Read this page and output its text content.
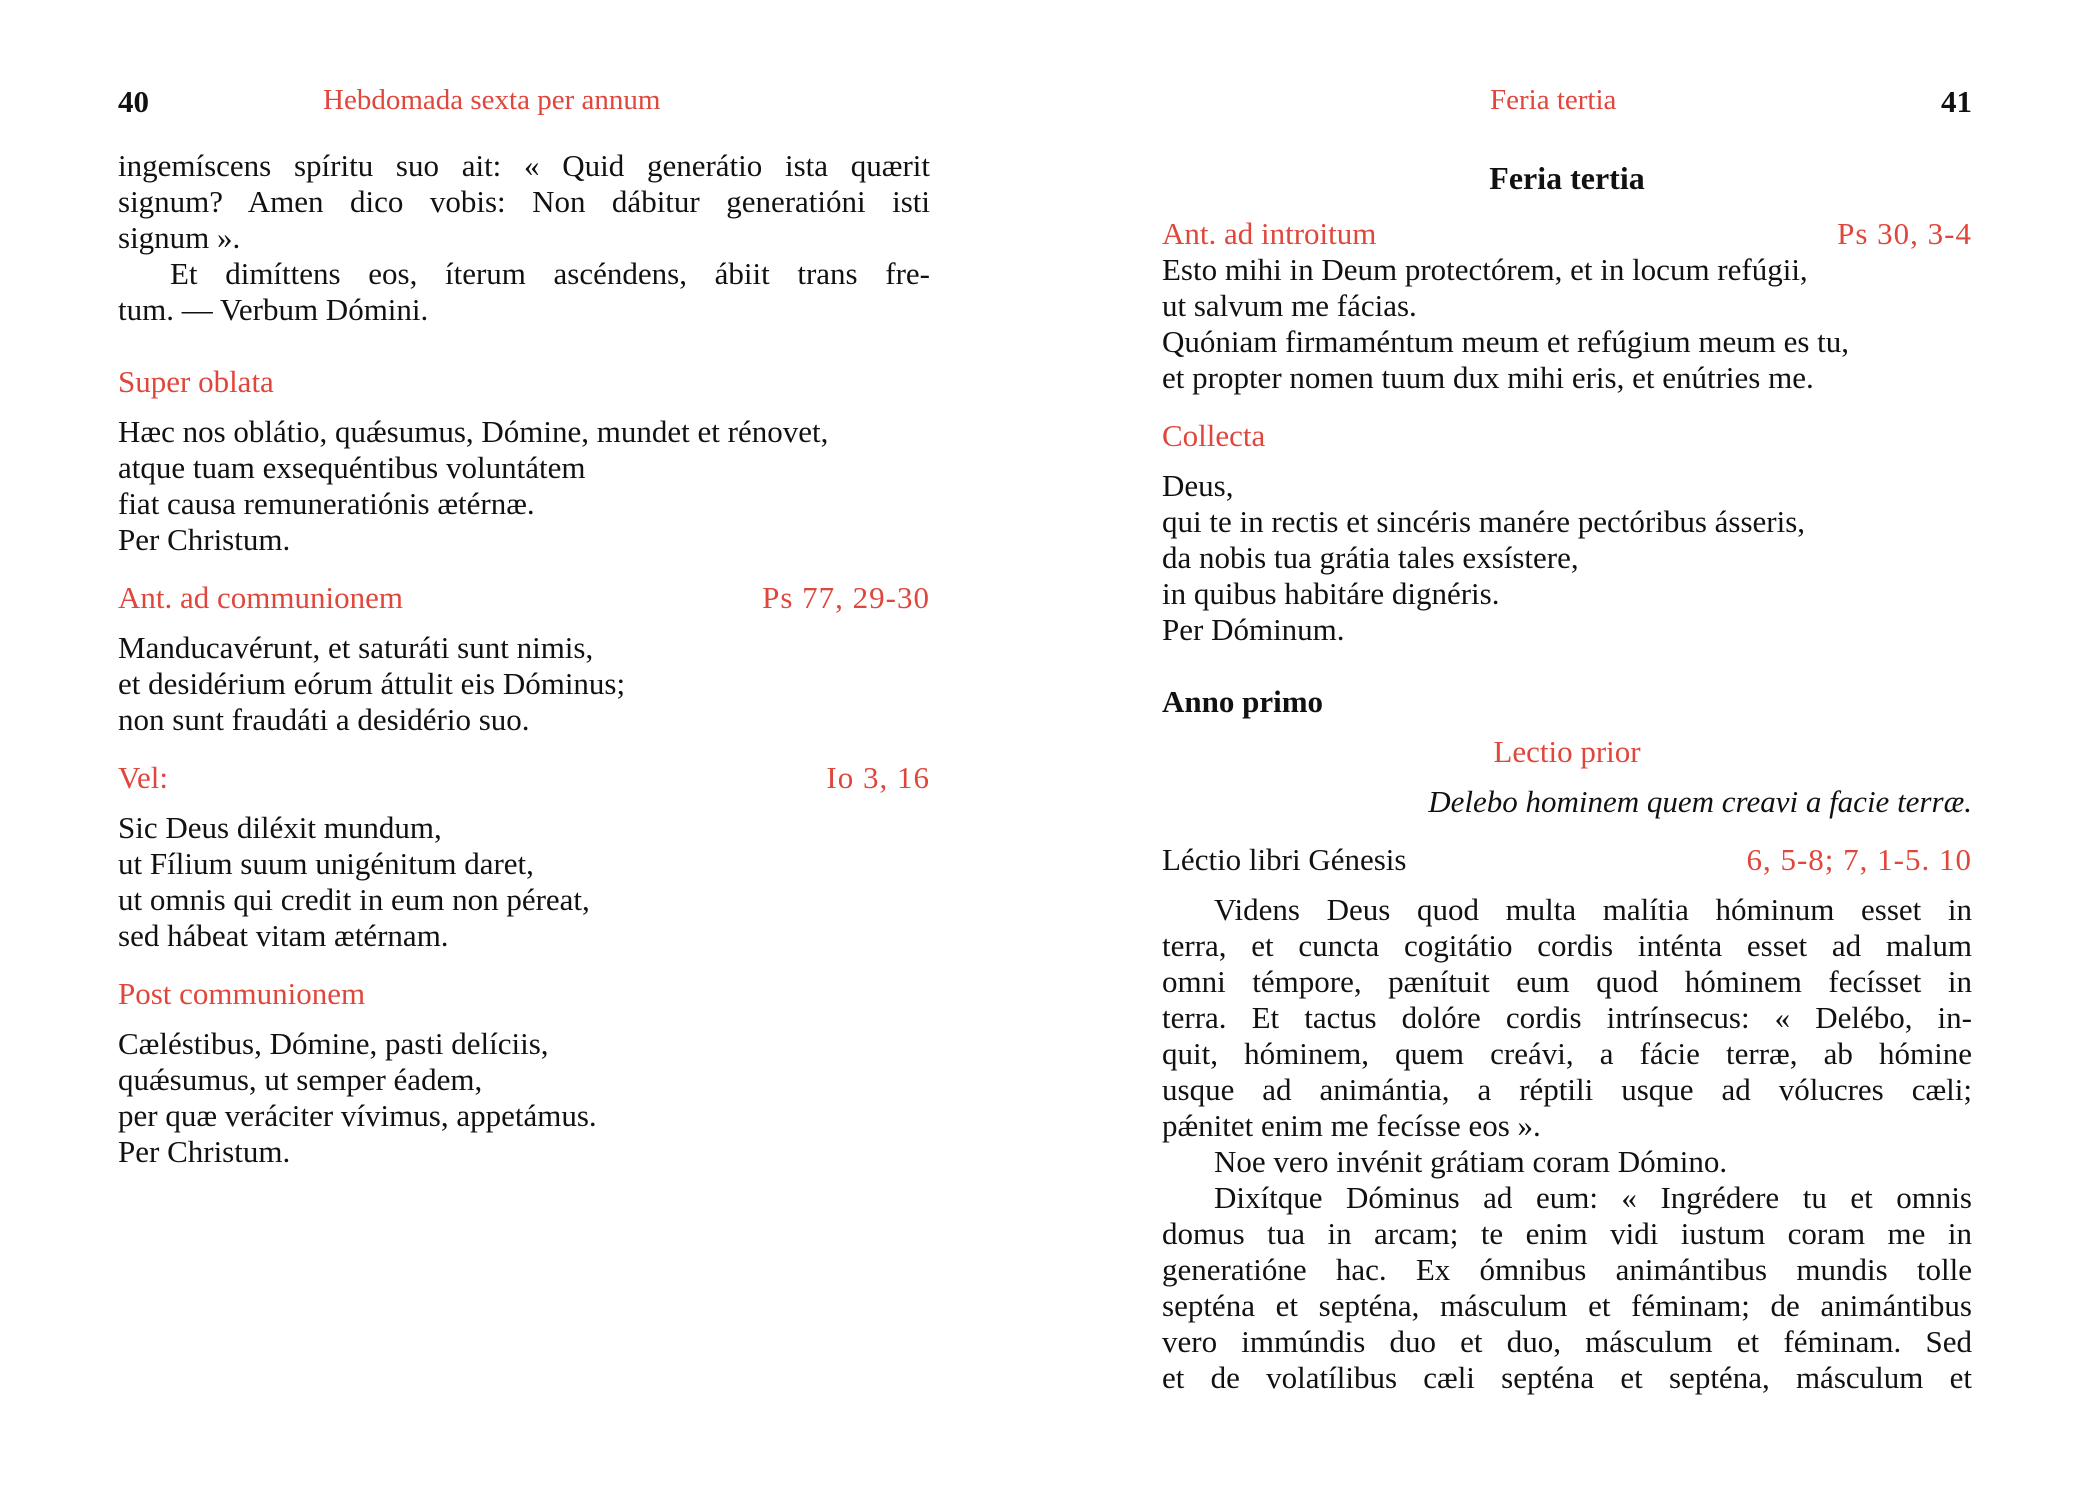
40	Hebdomada sexta per annum

ingemíscens spíritu suo ait: « Quid generátio ista quærit

signum? Amen dico vobis: Non dábitur generatióni isti

signum ».

Et dimíttens eos, íterum ascéndens, ábiit trans fre-

tum. — Verbum Dómini.

Super oblata

Hæc nos oblátio, quǽsumus, Dómine, mundet et rénovet,

atque tuam exsequéntibus voluntátem

fiat causa remuneratiónis ætérnæ.

Per Christum.

Ant. ad communionem	Ps 77, 29-30

Manducavérunt, et saturáti sunt nimis,

et desidérium eórum áttulit eis Dóminus;

non sunt fraudáti a desidério suo.

Vel:	Io 3, 16

Sic Deus diléxit mundum,

ut Fílium suum unigénitum daret,

ut omnis qui credit in eum non péreat,

sed hábeat vitam ætérnam.

Post communionem

Cæléstibus, Dómine, pasti delíciis,

quǽsumus, ut semper éadem,

per quæ veráciter vívimus, appetámus.

Per Christum.

Feria tertia	41

Feria tertia

Ant. ad introitum	Ps 30, 3-4

Esto mihi in Deum protectórem, et in locum refúgii,

ut salvum me fácias.

Quóniam firmaméntum meum et refúgium meum es tu,

et propter nomen tuum dux mihi eris, et enútries me.

Collecta

Deus,

qui te in rectis et sincéris manére pectóribus ásseris,

da nobis tua grátia tales exsístere,

in quibus habitáre dignéris.

Per Dóminum.

Anno primo

Lectio prior

Delebo hominem quem creavi a facie terræ.

Léctio libri Génesis	6, 5-8; 7, 1-5. 10

Videns Deus quod multa malítia hóminum esset in

terra, et cuncta cogitátio cordis inténta esset ad malum

omni témpore, pænítuit eum quod hóminem fecísset in

terra. Et tactus dolóre cordis intrínsecus: « Delébo, in-

quit, hóminem, quem creávi, a fácie terræ, ab hómine

usque ad animántia, a réptili usque ad vólucres cæli;

pǽnitet enim me fecísse eos ».

Noe vero invénit grátiam coram Dómino.

Dixítque Dóminus ad eum: « Ingrédere tu et omnis

domus tua in arcam; te enim vidi iustum coram me in

generatióne hac. Ex ómnibus animántibus mundis tolle

septéna et septéna, másculum et féminam; de animántibus

vero immúndis duo et duo, másculum et féminam. Sed

et de volatílibus cæli septéna et septéna, másculum et
